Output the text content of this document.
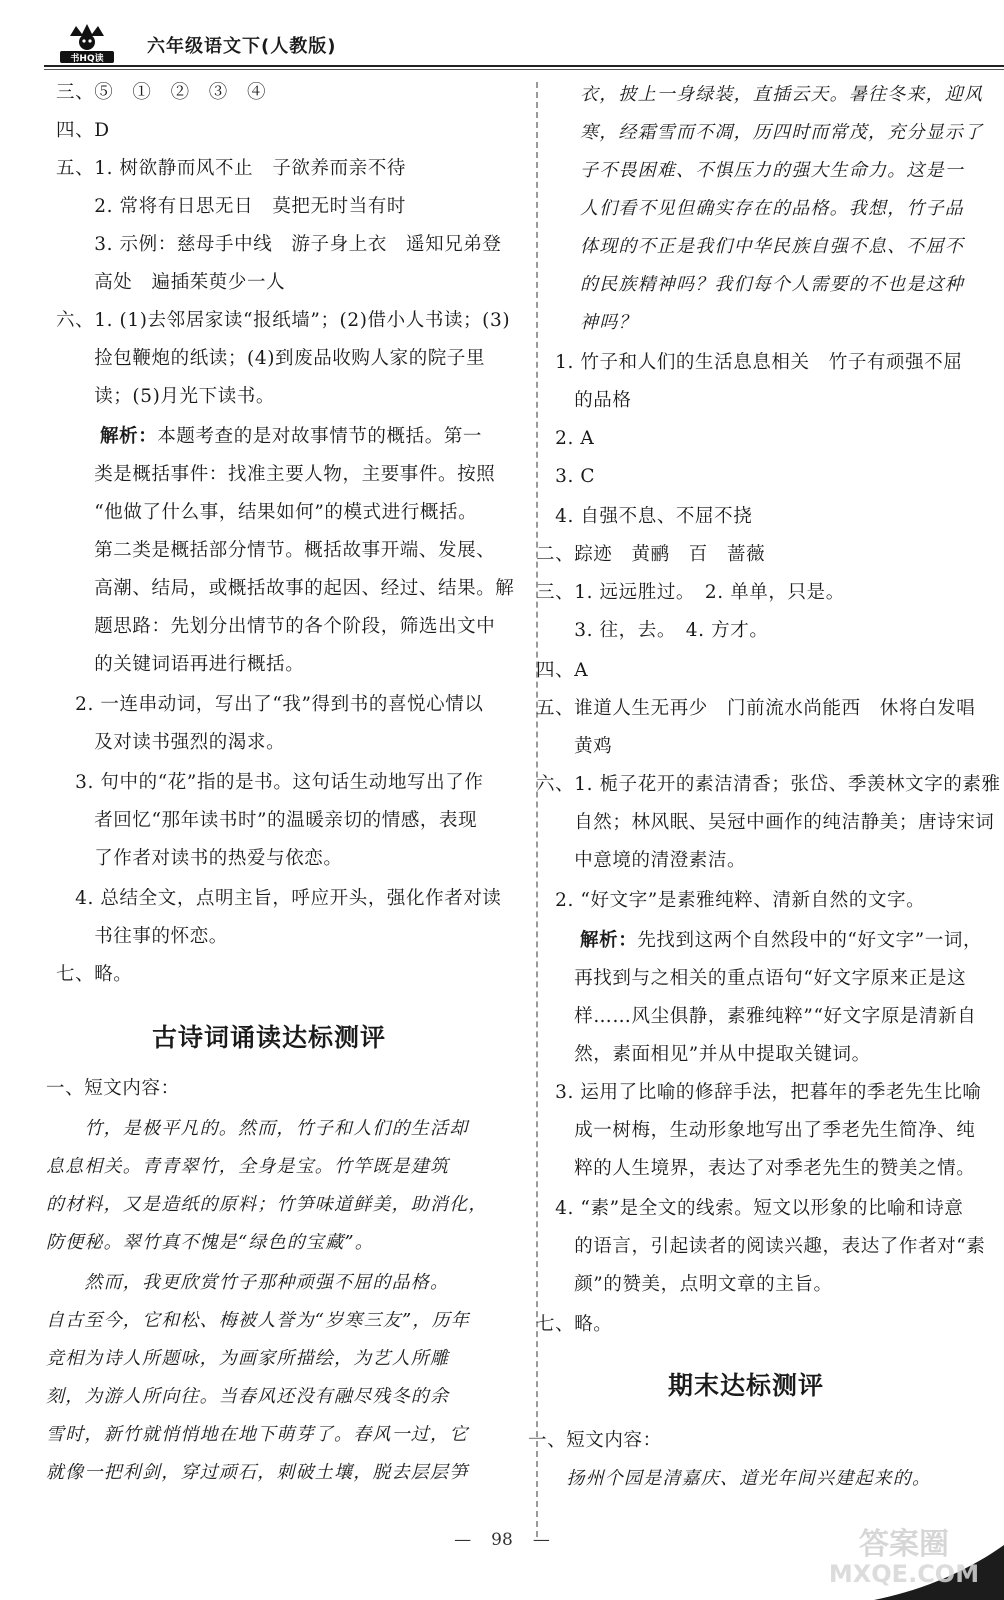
书HQ读
六年级语文下(人教版)
三、⑤　①　②　③　④
四、D
五、1. 树欲静而风不止　子欲养而亲不待
　　2. 常将有日思无日　莫把无时当有时
　　3. 示例：慈母手中线　游子身上衣　遥知兄弟登
　　高处　遍插茱萸少一人
六、1. (1)去邻居家读“报纸墙”；(2)借小人书读；(3)
　　捡包鞭炮的纸读；(4)到废品收购人家的院子里
　　读；(5)月光下读书。
解析：本题考查的是对故事情节的概括。第一
　　类是概括事件：找准主要人物，主要事件。按照
　　“他做了什么事，结果如何”的模式进行概括。
　　第二类是概括部分情节。概括故事开端、发展、
　　高潮、结局，或概括故事的起因、经过、结果。解
　　题思路：先划分出情节的各个阶段，筛选出文中
　　的关键词语再进行概括。
　2. 一连串动词，写出了“我”得到书的喜悦心情以
　　及对读书强烈的渴求。
　3. 句中的“花”指的是书。这句话生动地写出了作
　　者回忆“那年读书时”的温暖亲切的情感，表现
　　了作者对读书的热爱与依恋。
　4. 总结全文，点明主旨，呼应开头，强化作者对读
　　书往事的怀恋。
七、略。
古诗词诵读达标测评
一、短文内容：
　　竹，是极平凡的。然而，竹子和人们的生活却
息息相关。青青翠竹，全身是宝。竹竿既是建筑
的材料，又是造纸的原料；竹笋味道鲜美，助消化，
防便秘。翠竹真不愧是“绿色的宝藏”。
　　然而，我更欣赏竹子那种顽强不屈的品格。
自古至今，它和松、梅被人誉为“岁寒三友”，历年
竞相为诗人所题咏，为画家所描绘，为艺人所雕
刻，为游人所向往。当春风还没有融尽残冬的余
雪时，新竹就悄悄地在地下萌芽了。春风一过，它
就像一把利剑，穿过顽石，刺破土壤，脱去层层笋
衣，披上一身绿装，直插云天。暑往冬来，迎风
寒，经霜雪而不凋，历四时而常茂，充分显示了
子不畏困难、不惧压力的强大生命力。这是一
人们看不见但确实存在的品格。我想，竹子品
体现的不正是我们中华民族自强不息、不屈不
的民族精神吗？我们每个人需要的不也是这种
神吗？
　1. 竹子和人们的生活息息相关　竹子有顽强不屈
　　的品格
　2. A
　3. C
　4. 自强不息、不屈不挠
二、踪迹　黄鹂　百　蔷薇
三、1. 远远胜过。　2. 单单，只是。
　　3. 往，去。　4. 方才。
四、A
五、谁道人生无再少　门前流水尚能西　休将白发唱
　　黄鸡
六、1. 栀子花开的素洁清香；张岱、季羡林文字的素雅
　　自然；林风眠、吴冠中画作的纯洁静美；唐诗宋词
　　中意境的清澄素洁。
　2. “好文字”是素雅纯粹、清新自然的文字。
解析：先找到这两个自然段中的“好文字”一词，
　　再找到与之相关的重点语句“好文字原来正是这
　　样……风尘俱静，素雅纯粹”“好文字原是清新自
　　然，素面相见”并从中提取关键词。
　3. 运用了比喻的修辞手法，把暮年的季老先生比喻
　　成一树梅，生动形象地写出了季老先生简净、纯
　　粹的人生境界，表达了对季老先生的赞美之情。
　4. “素”是全文的线索。短文以形象的比喻和诗意
　　的语言，引起读者的阅读兴趣，表达了作者对“素
　　颜”的赞美，点明文章的主旨。
七、略。
期末达标测评
一、短文内容：
　　扬州个园是清嘉庆、道光年间兴建起来的。
— 98 —	答案圈
MXQE.COM
